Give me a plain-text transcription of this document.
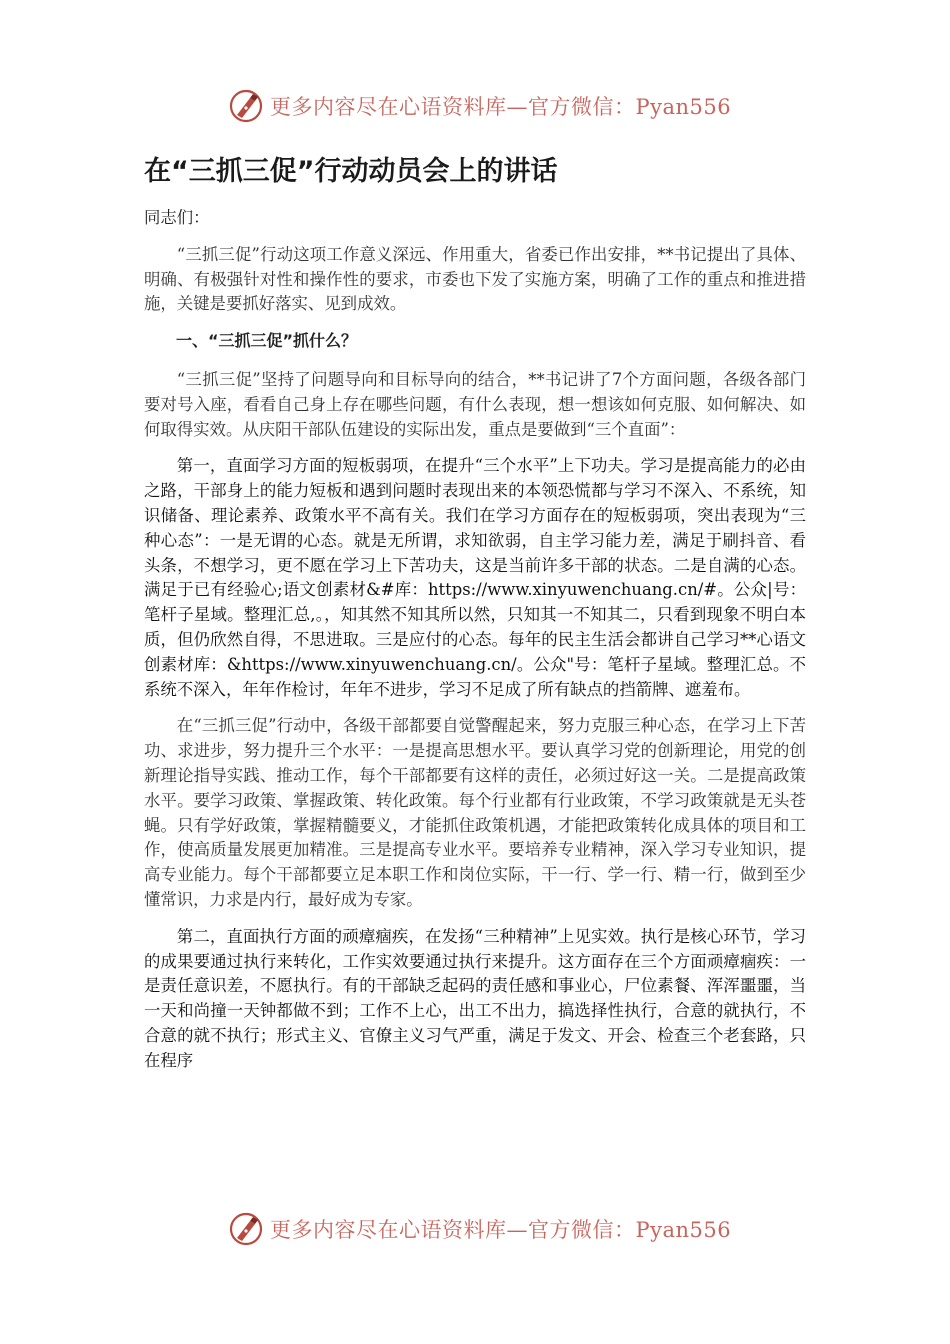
更多内容尽在心语资料库—官方微信：Pyan556
在“三抓三促”行动动员会上的讲话

同志们：

“三抓三促”行动这项工作意义深远、作用重大，省委已作出安排，**书记提出了具体、明确、有极强针对性和操作性的要求，市委也下发了实施方案，明确了工作的重点和推进措施，关键是要抓好落实、见到成效。

一、“三抓三促”抓什么？

“三抓三促”坚持了问题导向和目标导向的结合，**书记讲了7个方面问题，各级各部门要对号入座，看看自己身上存在哪些问题，有什么表现，想一想该如何克服、如何解决、如何取得实效。从庆阳干部队伍建设的实际出发，重点是要做到“三个直面”：

第一，直面学习方面的短板弱项，在提升“三个水平”上下功夫。学习是提高能力的必由之路，干部身上的能力短板和遇到问题时表现出来的本领恐慌都与学习不深入、不系统，知识储备、理论素养、政策水平不高有关。我们在学习方面存在的短板弱项，突出表现为“三种心态”：一是无谓的心态。就是无所谓，求知欲弱，自主学习能力差，满足于刷抖音、看头条，不想学习，更不愿在学习上下苦功夫，这是当前许多干部的状态。二是自满的心态。满足于已有经验心;语文创素材&#库：https://www.xinyuwenchuang.cn/#。公众|号：笔杆子星域。整理汇总,。，知其然不知其所以然，只知其一不知其二，只看到现象不明白本质，但仍欣然自得，不思进取。三是应付的心态。每年的民主生活会都讲自己学习**心语文创素材库：&https://www.xinyuwenchuang.cn/。公众"号：笔杆子星域。整理汇总。不系统不深入，年年作检讨，年年不进步，学习不足成了所有缺点的挡箭牌、遮羞布。

在“三抓三促”行动中，各级干部都要自觉警醒起来，努力克服三种心态，在学习上下苦功、求进步，努力提升三个水平：一是提高思想水平。要认真学习党的创新理论，用党的创新理论指导实践、推动工作，每个干部都要有这样的责任，必须过好这一关。二是提高政策水平。要学习政策、掌握政策、转化政策。每个行业都有行业政策，不学习政策就是无头苍蝇。只有学好政策，掌握精髓要义，才能抓住政策机遇，才能把政策转化成具体的项目和工作，使高质量发展更加精准。三是提高专业水平。要培养专业精神，深入学习专业知识，提高专业能力。每个干部都要立足本职工作和岗位实际，干一行、学一行、精一行，做到至少懂常识，力求是内行，最好成为专家。

第二，直面执行方面的顽瘴痼疾，在发扬“三种精神”上见实效。执行是核心环节，学习的成果要通过执行来转化，工作实效要通过执行来提升。这方面存在三个方面顽瘴痼疾：一是责任意识差，不愿执行。有的干部缺乏起码的责任感和事业心，尸位素餐、浑浑噩噩，当一天和尚撞一天钟都做不到；工作不上心，出工不出力，搞选择性执行，合意的就执行，不合意的就不执行；形式主义、官僚主义习气严重，满足于发文、开会、检查三个老套路，只在程序

更多内容尽在心语资料库—官方微信：Pyan556
